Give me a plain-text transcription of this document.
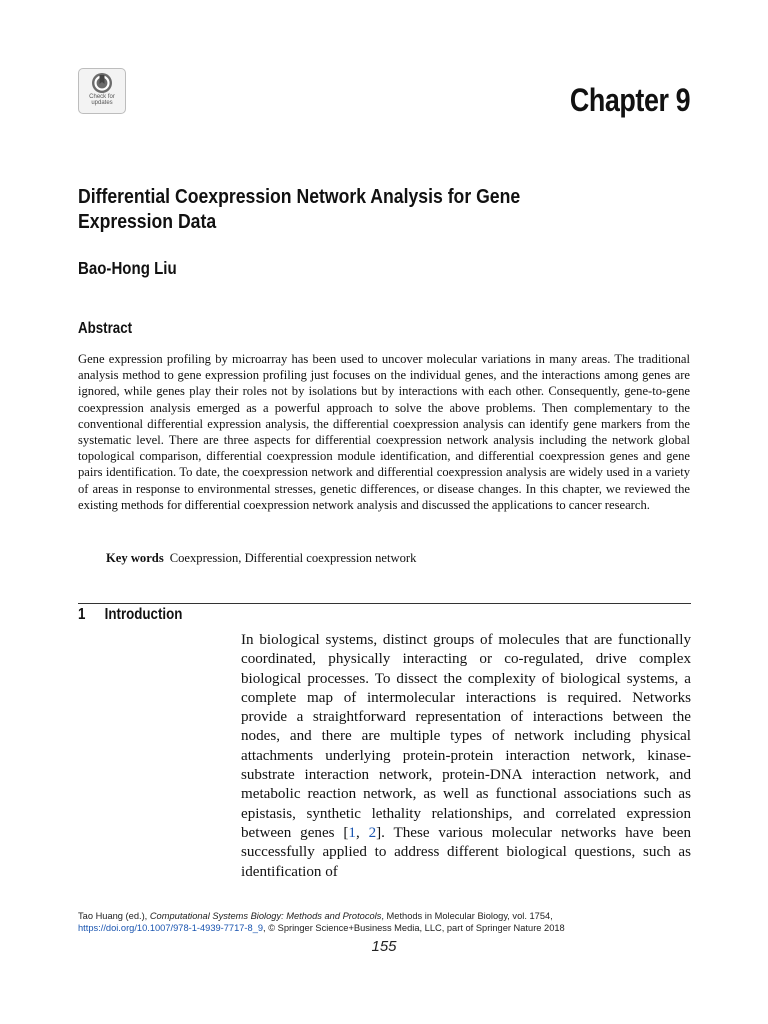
Check for
updates	Chapter 9
Differential Coexpression Network Analysis for Gene Expression Data
Bao-Hong Liu
Abstract
Gene expression profiling by microarray has been used to uncover molecular variations in many areas. The traditional analysis method to gene expression profiling just focuses on the individual genes, and the interactions among genes are ignored, while genes play their roles not by isolations but by interactions with each other. Consequently, gene-to-gene coexpression analysis emerged as a powerful approach to solve the above problems. Then complementary to the conventional differential expression analysis, the differential coexpression analysis can identify gene markers from the systematic level. There are three aspects for differential coexpression network analysis including the network global topological comparison, differential coexpression module identification, and differential coexpression genes and gene pairs identification. To date, the coexpression network and differential coexpression analysis are widely used in a variety of areas in response to environmental stresses, genetic differences, or disease changes. In this chapter, we reviewed the existing methods for differential coexpression network analysis and discussed the applications to cancer research.
Key words Coexpression, Differential coexpression network
1 Introduction
In biological systems, distinct groups of molecules that are functionally coordinated, physically interacting or co-regulated, drive complex biological processes. To dissect the complexity of biological systems, a complete map of intermolecular interactions is required. Networks provide a straightforward representation of interactions between the nodes, and there are multiple types of network including physical attachments underlying protein-protein interaction network, kinase-substrate interaction network, protein-DNA interaction network, and metabolic reaction network, as well as functional associations such as epistasis, synthetic lethality relationships, and correlated expression between genes [1, 2]. These various molecular networks have been successfully applied to address different biological questions, such as identification of
Tao Huang (ed.), Computational Systems Biology: Methods and Protocols, Methods in Molecular Biology, vol. 1754,
https://doi.org/10.1007/978-1-4939-7717-8_9, © Springer Science+Business Media, LLC, part of Springer Nature 2018
155
